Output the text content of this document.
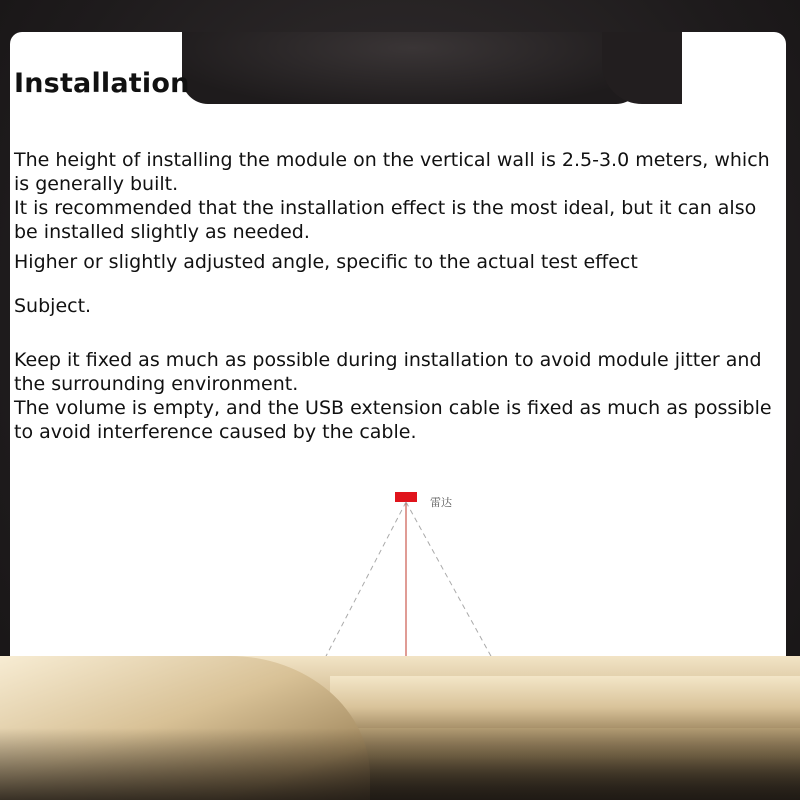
Installation

The height of installing the module on the vertical wall is 2.5-3.0 meters, which is generally built.

It is recommended that the installation effect is the most ideal, but it can also be installed slightly as needed.

Higher or slightly adjusted angle, specific to the actual test effect

Subject.

Keep it fixed as much as possible during installation to avoid module jitter and the surrounding environment.

The volume is empty, and the USB extension cable is fixed as much as possible to avoid interference caused by the cable.

雷达
